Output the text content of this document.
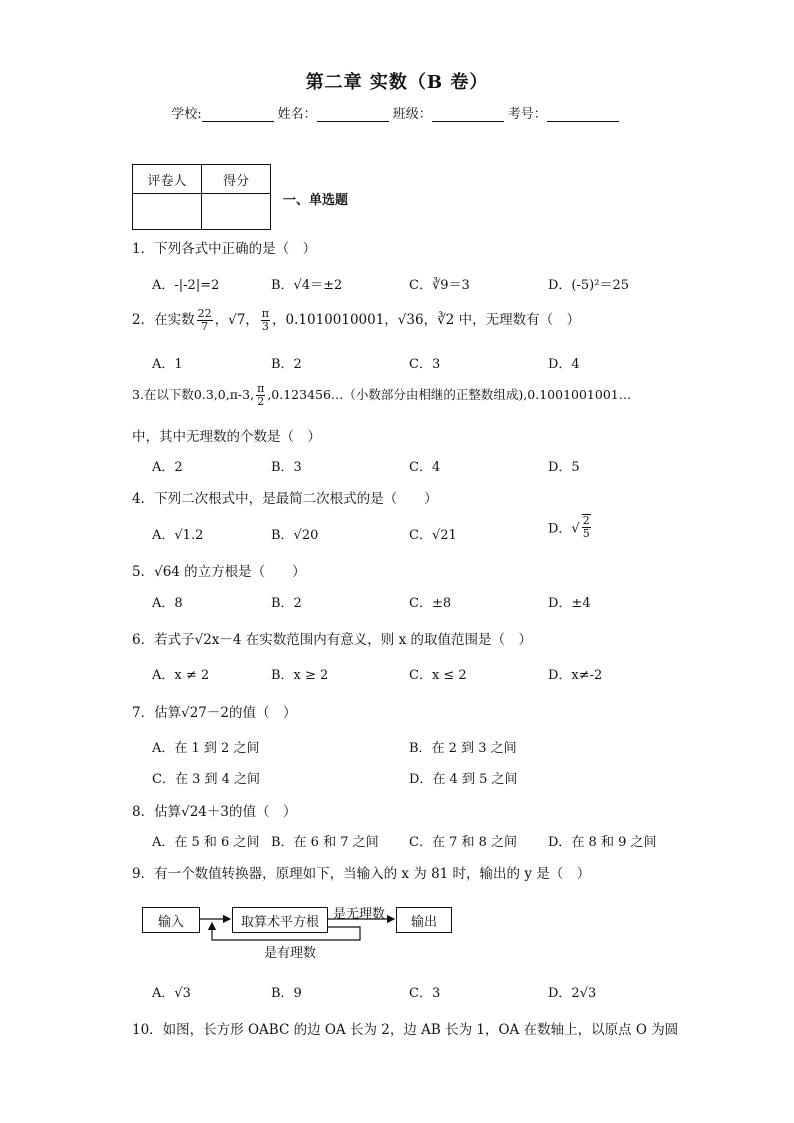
第二章 实数（B 卷）
学校:	姓名：	班级：	考号：
评卷人	得分

一、单选题
1．下列各式中正确的是（　）
A．-|-2|=2	B．√4＝±2	C．∛9＝3	D．(-5)²＝25
2．在实数 $\frac{22}{7}$ ，√7， $\frac{\pi}{3}$ ，0.1010010001，√36，∛2 中，无理数有（　）
A．1	B．2	C．3	D．4
3.在以下数0.3,0,π-3, $\frac{\pi}{2}$ ,0.123456…（小数部分由相继的正整数组成),0.1001001001…
中，其中无理数的个数是（　）
A．2	B．3	C．4	D．5
4．下列二次根式中，是最简二次根式的是（　　）
A．√1.2	B．√20	C．√21	D．√ $\frac{2}{5}$
5．√64 的立方根是（　　）
A．8	B．2	C．±8	D．±4
6．若式子√2x－4 在实数范围内有意义，则 x 的取值范围是（　）
A．x ≠ 2	B．x ≥ 2	C．x ≤ 2	D．x≠-2
7．估算√27－2的值（　）
A．在 1 到 2 之间	B．在 2 到 3 之间
C．在 3 到 4 之间	D．在 4 到 5 之间
8．估算√24＋3的值（　）
A．在 5 和 6 之间 B．在 6 和 7 之间 C．在 7 和 8 之间 D．在 8 和 9 之间
9．有一个数值转换器，原理如下，当输入的 x 为 81 时，输出的 y 是（　）
输入	取算术平方根	输出
是无理数
是有理数
A．√3	B．9	C．3	D．2√3
10．如图，长方形 OABC 的边 OA 长为 2，边 AB 长为 1，OA 在数轴上，以原点 O 为圆
